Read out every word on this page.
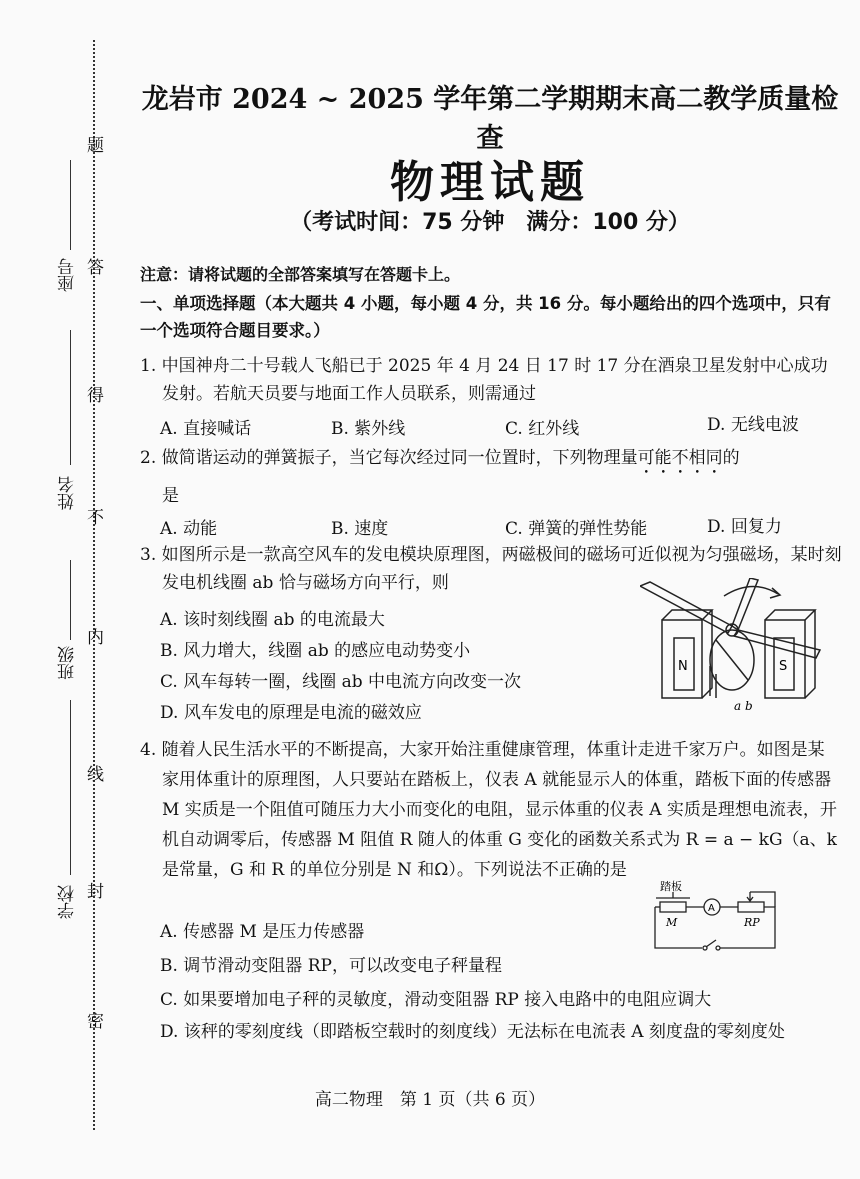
题
答
得
不
内
线
封
密
座号
姓名
班级
学校
龙岩市 2024 ~ 2025 学年第二学期期末高二教学质量检查
物理试题
（考试时间：75 分钟　满分：100 分）
注意：请将试题的全部答案填写在答题卡上。
一、单项选择题（本大题共 4 小题，每小题 4 分，共 16 分。每小题给出的四个选项中，只有一个选项符合题目要求。）
1. 中国神舟二十号载人飞船已于 2025 年 4 月 24 日 17 时 17 分在酒泉卫星发射中心成功发射。若航天员要与地面工作人员联系，则需通过
A. 直接喊话	B. 紫外线	C. 红外线	D. 无线电波
2. 做简谐运动的弹簧振子，当它每次经过同一位置时，下列物理量可能不相同的
是
A. 动能	B. 速度	C. 弹簧的弹性势能	D. 回复力
3. 如图所示是一款高空风车的发电模块原理图，两磁极间的磁场可近似视为匀强磁场，某时刻发电机线圈 ab 恰与磁场方向平行，则
A. 该时刻线圈 ab 的电流最大
B. 风力增大，线圈 ab 的感应电动势变小
C. 风车每转一圈，线圈 ab 中电流方向改变一次
D. 风车发电的原理是电流的磁效应
N	S
a b
4. 随着人民生活水平的不断提高，大家开始注重健康管理，体重计走进千家万户。如图是某家用体重计的原理图，人只要站在踏板上，仪表 A 就能显示人的体重，踏板下面的传感器 M 实质是一个阻值可随压力大小而变化的电阻，显示体重的仪表 A 实质是理想电流表，开机自动调零后，传感器 M 阻值 R 随人的体重 G 变化的函数关系式为 R = a − kG（a、k 是常量，G 和 R 的单位分别是 N 和Ω）。下列说法不正确的是
A. 传感器 M 是压力传感器
B. 调节滑动变阻器 RP，可以改变电子秤量程
C. 如果要增加电子秤的灵敏度，滑动变阻器 RP 接入电路中的电阻应调大
D. 该秤的零刻度线（即踏板空载时的刻度线）无法标在电流表 A 刻度盘的零刻度处
踏板
M
A
RP
高二物理　第 1 页（共 6 页）
